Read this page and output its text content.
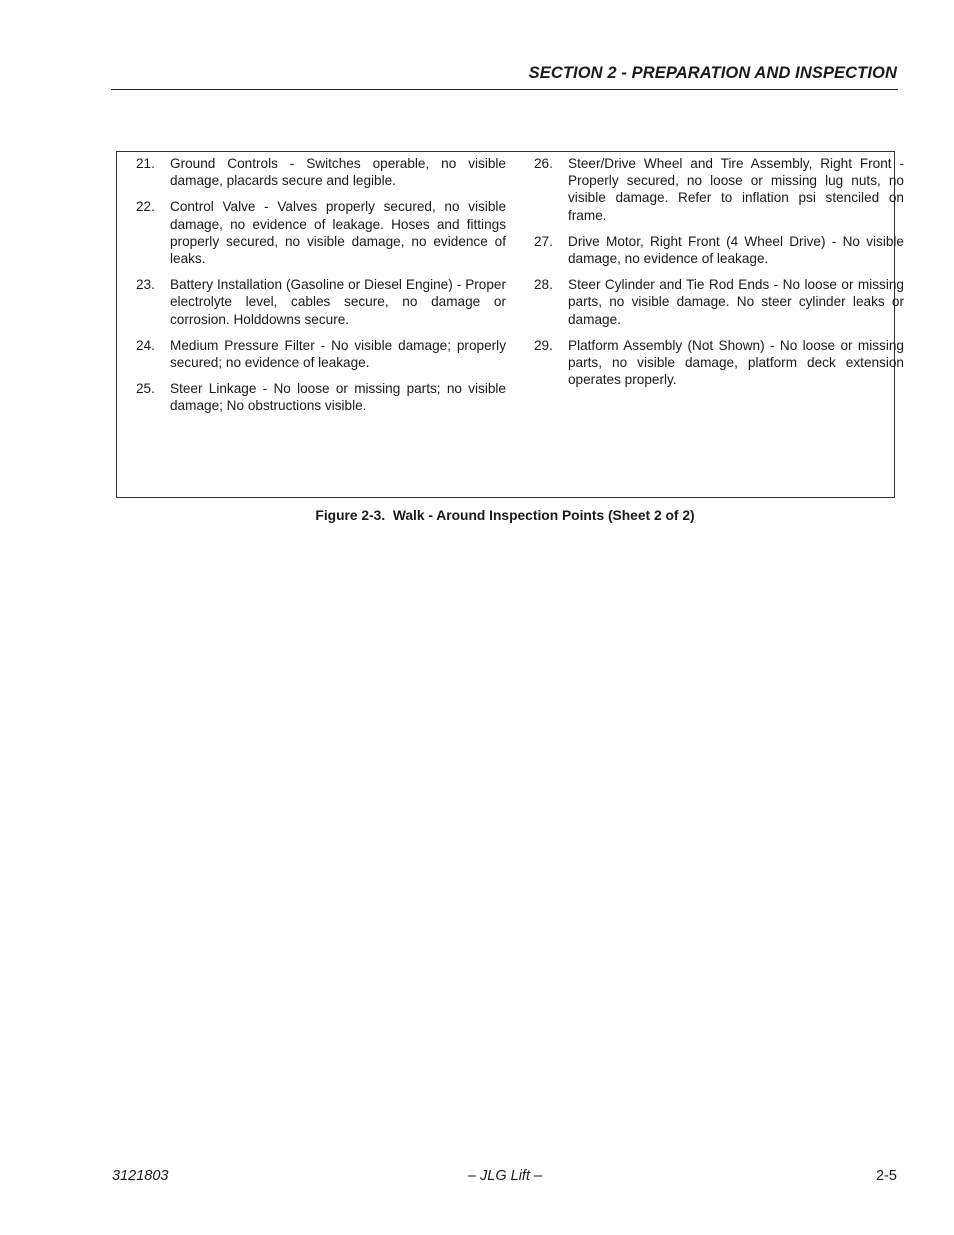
SECTION 2 - PREPARATION AND INSPECTION
21. Ground Controls - Switches operable, no visible damage, placards secure and legible.
22. Control Valve - Valves properly secured, no visible damage, no evidence of leakage. Hoses and fittings properly secured, no visible damage, no evidence of leaks.
23. Battery Installation (Gasoline or Diesel Engine) - Proper electrolyte level, cables secure, no damage or corrosion. Holddowns secure.
24. Medium Pressure Filter - No visible damage; properly secured; no evidence of leakage.
25. Steer Linkage - No loose or missing parts; no visible damage; No obstructions visible.
26. Steer/Drive Wheel and Tire Assembly, Right Front - Properly secured, no loose or missing lug nuts, no visible damage. Refer to inflation psi stenciled on frame.
27. Drive Motor, Right Front (4 Wheel Drive) - No visible damage, no evidence of leakage.
28. Steer Cylinder and Tie Rod Ends - No loose or missing parts, no visible damage. No steer cylinder leaks or damage.
29. Platform Assembly (Not Shown) - No loose or missing parts, no visible damage, platform deck extension operates properly.
Figure 2-3.  Walk - Around Inspection Points (Sheet 2 of 2)
3121803	– JLG Lift –	2-5
